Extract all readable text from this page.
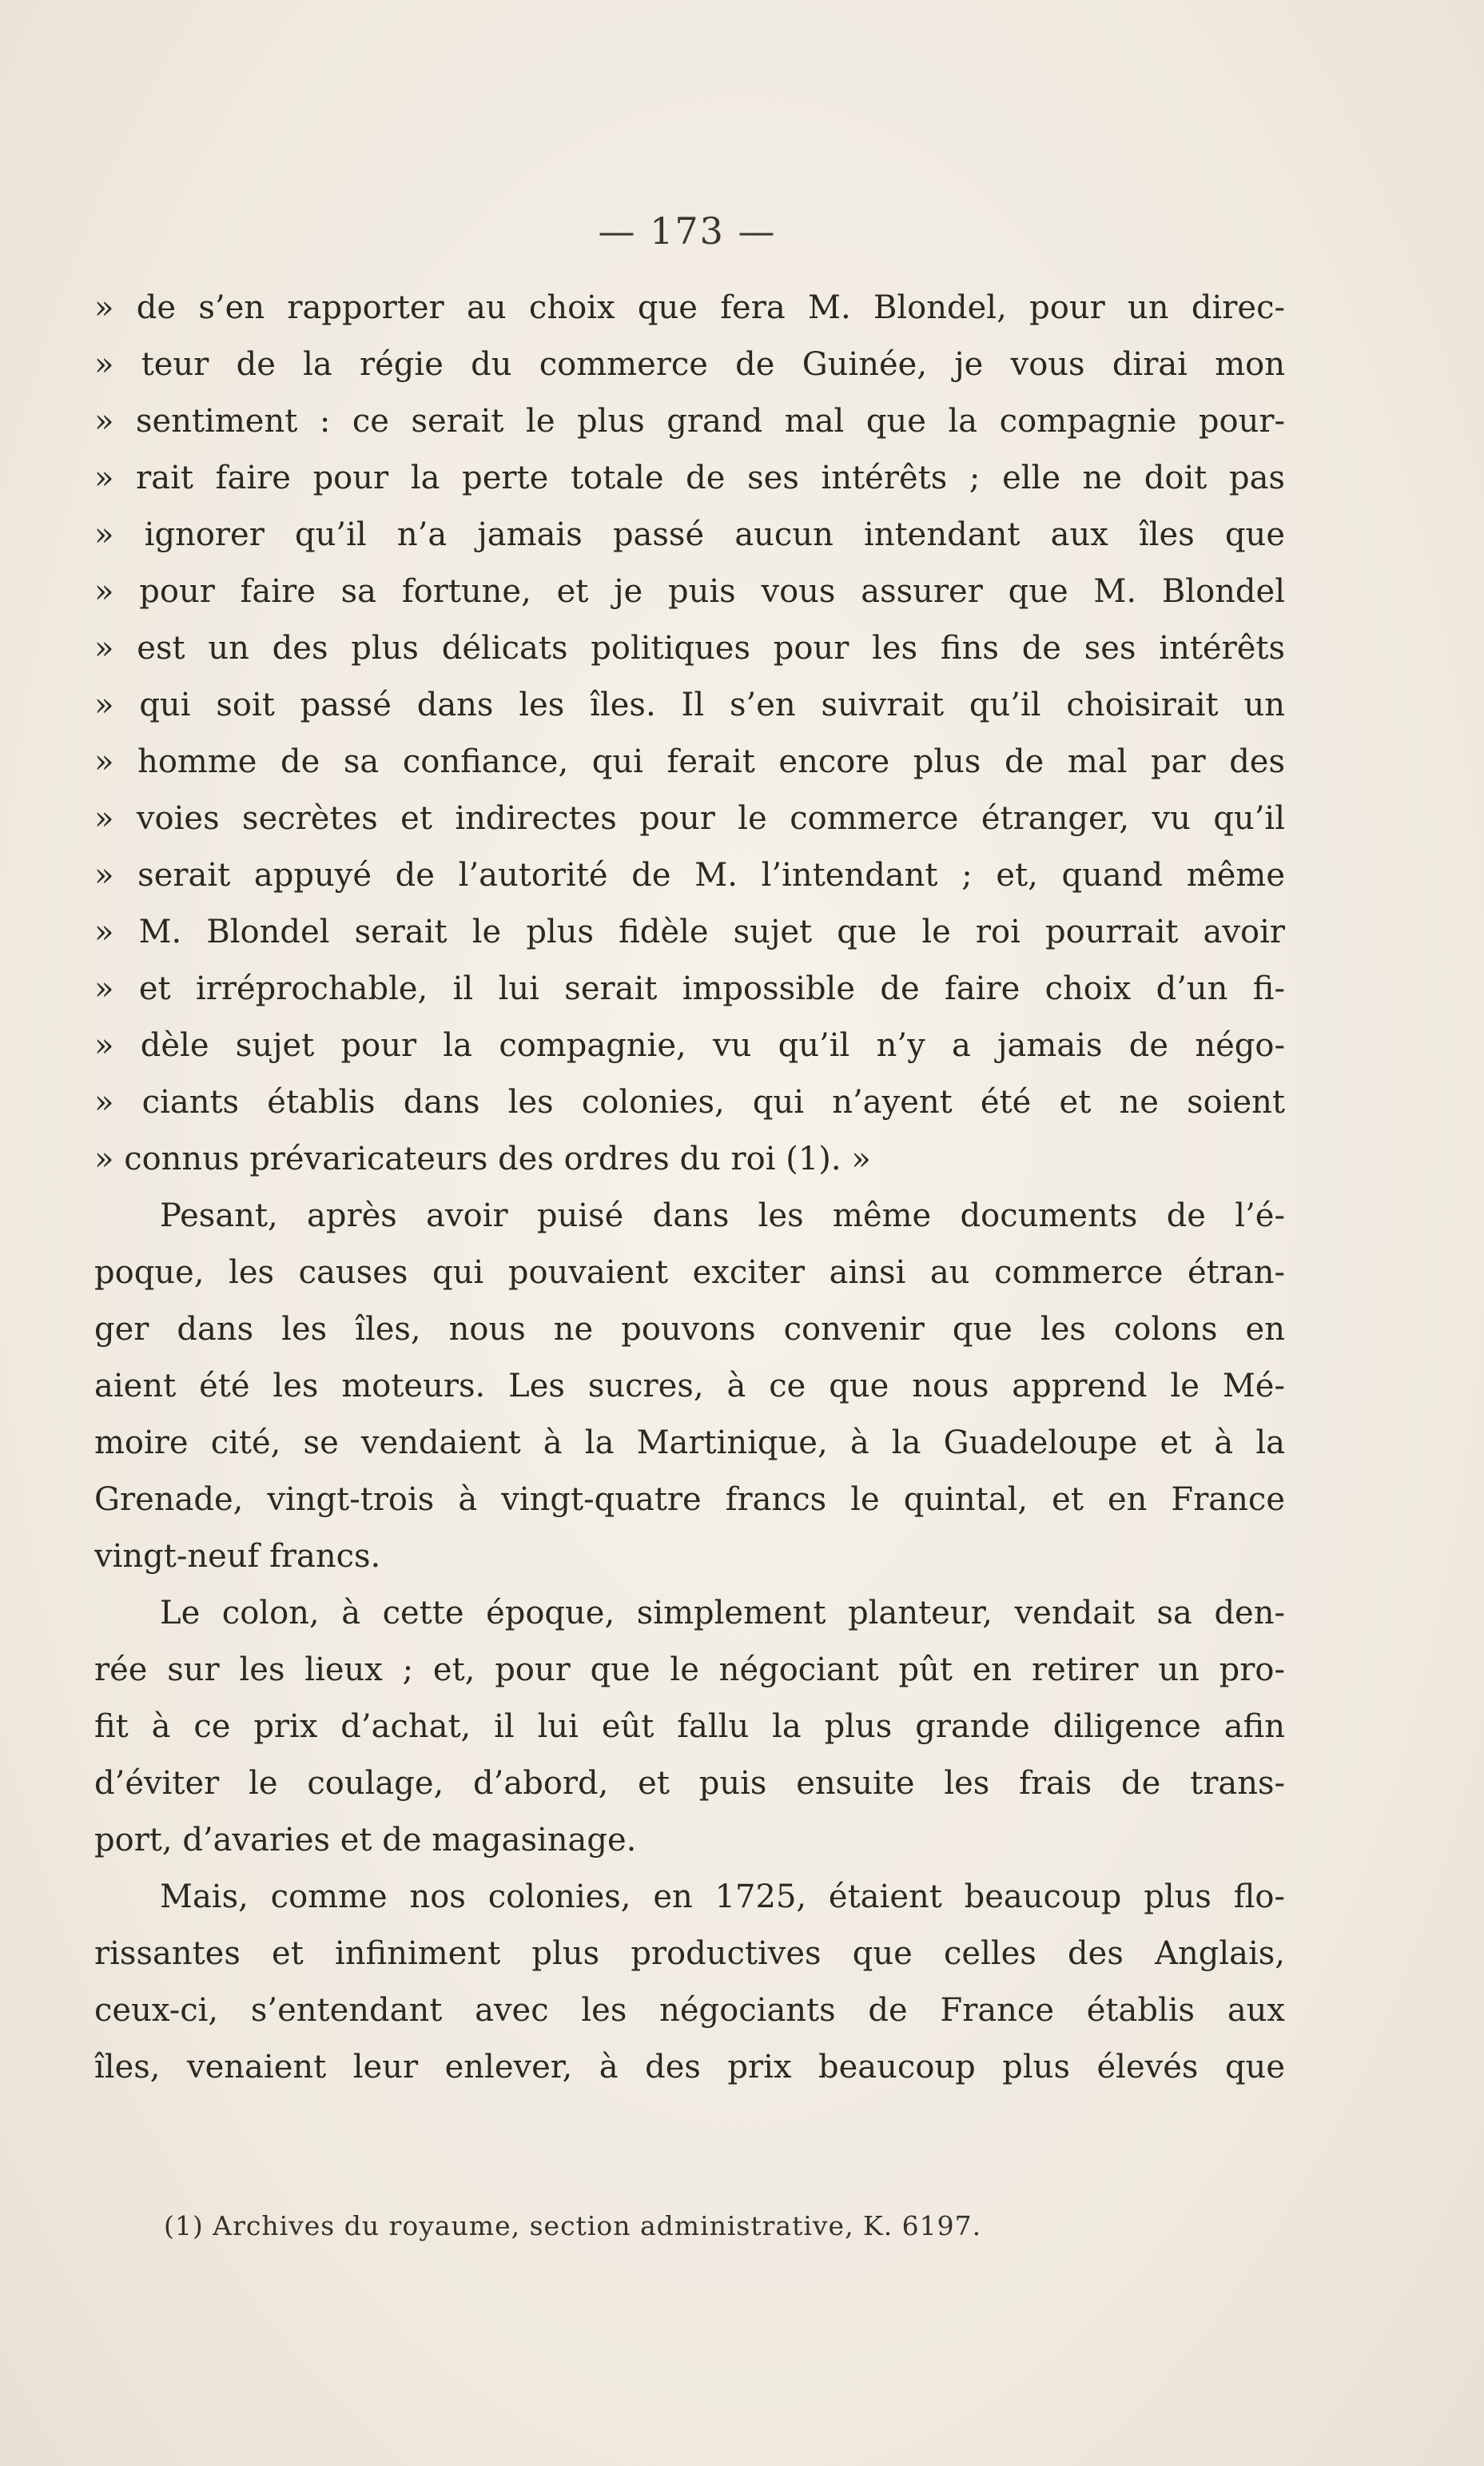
— 173 —
» de s’en rapporter au choix que fera M. Blondel, pour un direc-
» teur de la régie du commerce de Guinée, je vous dirai mon
» sentiment : ce serait le plus grand mal que la compagnie pour-
» rait faire pour la perte totale de ses intérêts ; elle ne doit pas
» ignorer qu’il n’a jamais passé aucun intendant aux îles que
» pour faire sa fortune, et je puis vous assurer que M. Blondel
» est un des plus délicats politiques pour les fins de ses intérêts
» qui soit passé dans les îles. Il s’en suivrait qu’il choisirait un
» homme de sa confiance, qui ferait encore plus de mal par des
» voies secrètes et indirectes pour le commerce étranger, vu qu’il
» serait appuyé de l’autorité de M. l’intendant ; et, quand même
» M. Blondel serait le plus fidèle sujet que le roi pourrait avoir
» et irréprochable, il lui serait impossible de faire choix d’un fi-
» dèle sujet pour la compagnie, vu qu’il n’y a jamais de négo-
» ciants établis dans les colonies, qui n’ayent été et ne soient
» connus prévaricateurs des ordres du roi (1). »
Pesant, après avoir puisé dans les même documents de l’é-
poque, les causes qui pouvaient exciter ainsi au commerce étran-
ger dans les îles, nous ne pouvons convenir que les colons en
aient été les moteurs. Les sucres, à ce que nous apprend le Mé-
moire cité, se vendaient à la Martinique, à la Guadeloupe et à la
Grenade, vingt-trois à vingt-quatre francs le quintal, et en France
vingt-neuf francs.
Le colon, à cette époque, simplement planteur, vendait sa den-
rée sur les lieux ; et, pour que le négociant pût en retirer un pro-
fit à ce prix d’achat, il lui eût fallu la plus grande diligence afin
d’éviter le coulage, d’abord, et puis ensuite les frais de trans-
port, d’avaries et de magasinage.
Mais, comme nos colonies, en 1725, étaient beaucoup plus flo-
rissantes et infiniment plus productives que celles des Anglais,
ceux-ci, s’entendant avec les négociants de France établis aux
îles, venaient leur enlever, à des prix beaucoup plus élevés que
(1) Archives du royaume, section administrative, K. 6197.
